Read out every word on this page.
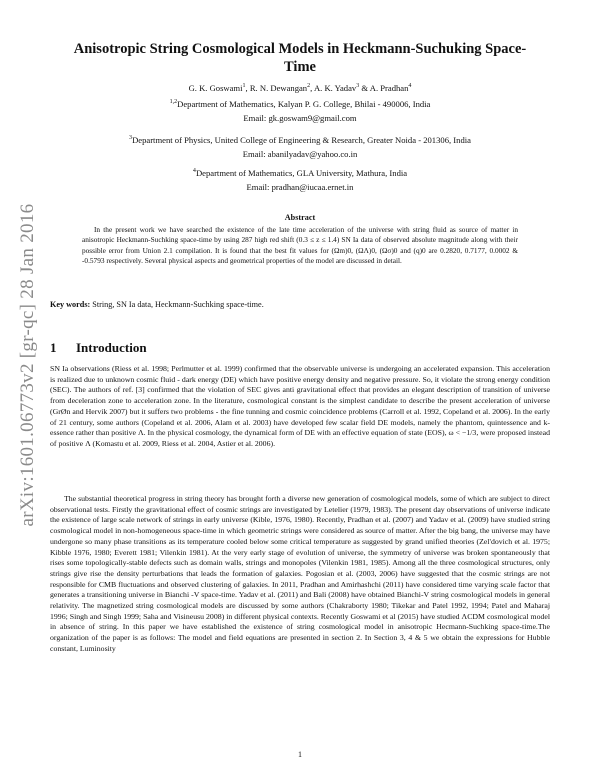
arXiv:1601.06773v2 [gr-qc] 28 Jan 2016
Anisotropic String Cosmological Models in Heckmann-Suchuking Space-Time
G. K. Goswami$^1$, R. N. Dewangan$^2$, A. K. Yadav$^3$ & A. Pradhan$^4$
$^{1,2}$Department of Mathematics, Kalyan P. G. College, Bhilai - 490006, India
Email: gk.goswam9@gmail.com
$^3$Department of Physics, United College of Engineering & Research, Greater Noida - 201306, India
Email: abanilyadav@yahoo.co.in
$^4$Department of Mathematics, GLA University, Mathura, India
Email: pradhan@iucaa.ernet.in
Abstract

In the present work we have searched the existence of the late time acceleration of the universe with string fluid as source of matter in anisotropic Heckmann-Suchking space-time by using 287 high red shift (0.3 ≤ z ≤ 1.4) SN Ia data of observed absolute magnitude along with their possible error from Union 2.1 compilation. It is found that the best fit values for (Ωm)0, (ΩΛ)0, (Ωσ)0 and (q)0 are 0.2820, 0.7177, 0.0002 & -0.5793 respectively. Several physical aspects and geometrical properties of the model are discussed in detail.

Key words: String, SN Ia data, Heckmann-Suchking space-time.
1 Introduction

SN Ia observations (Riess et al. 1998; Perlmutter et al. 1999) confirmed that the observable universe is undergoing an accelerated expansion. This acceleration is realized due to unknown cosmic fluid - dark energy (DE) which have positive energy density and negative pressure. So, it violate the strong energy condition (SEC). The authors of ref. [3] confirmed that the violation of SEC gives anti gravitational effect that provides an elegant description of transition of universe from deceleration zone to acceleration zone. In the literature, cosmological constant is the simplest candidate to describe the present acceleration of universe (GrØn and Hervik 2007) but it suffers two problems - the fine tunning and cosmic coincidence problems (Carroll et al. 1992, Copeland et al. 2006). In the early of 21 century, some authors (Copeland et al. 2006, Alam et al. 2003) have developed few scalar field DE models, namely the phantom, quintessence and k-essence rather than positive Λ. In the physical cosmology, the dynamical form of DE with an effective equation of state (EOS), ω < −1/3, were proposed instead of positive Λ (Komastu et al. 2009, Riess et al. 2004, Astier et al. 2006).

The substantial theoretical progress in string theory has brought forth a diverse new generation of cosmological models, some of which are subject to direct observational tests. Firstly the gravitational effect of cosmic strings are investigated by Letelier (1979, 1983). The present day observations of universe indicate the existence of large scale network of strings in early universe (Kible, 1976, 1980). Recently, Pradhan et al. (2007) and Yadav et al. (2009) have studied string cosmological model in non-homogeneous space-time in which geometric strings were considered as source of matter. After the big bang, the universe may have undergone so many phase transitions as its temperature cooled below some critical temperature as suggested by grand unified theories (Zel'dovich et al. 1975; Kibble 1976, 1980; Everett 1981; Vilenkin 1981). At the very early stage of evolution of universe, the symmetry of universe was broken spontaneously that rises some topologically-stable defects such as domain walls, strings and monopoles (Vilenkin 1981, 1985). Among all the three cosmological structures, only strings give rise the density perturbations that leads the formation of galaxies. Pogosian et al. (2003, 2006) have suggested that the cosmic strings are not responsible for CMB fluctuations and observed clustering of galaxies. In 2011, Pradhan and Amirhashchi (2011) have considered time varying scale factor that generates a transitioning universe in Bianchi -V space-time. Yadav et al. (2011) and Bali (2008) have obtained Bianchi-V string cosmological models in general relativity. The magnetized string cosmological models are discussed by some authors (Chakraborty 1980; Tikekar and Patel 1992, 1994; Patel and Maharaj 1996; Singh and Singh 1999; Saha and Visineusu 2008) in different physical contexts. Recently Goswami et al (2015) have studied ΛCDM cosmological model in absence of string. In this paper we have established the existence of string cosmological model in anisotropic Hecmann-Suchking space-time.The organization of the paper is as follows: The model and field equations are presented in section 2. In Section 3, 4 & 5 we obtain the expressions for Hubble constant, Luminosity

1
